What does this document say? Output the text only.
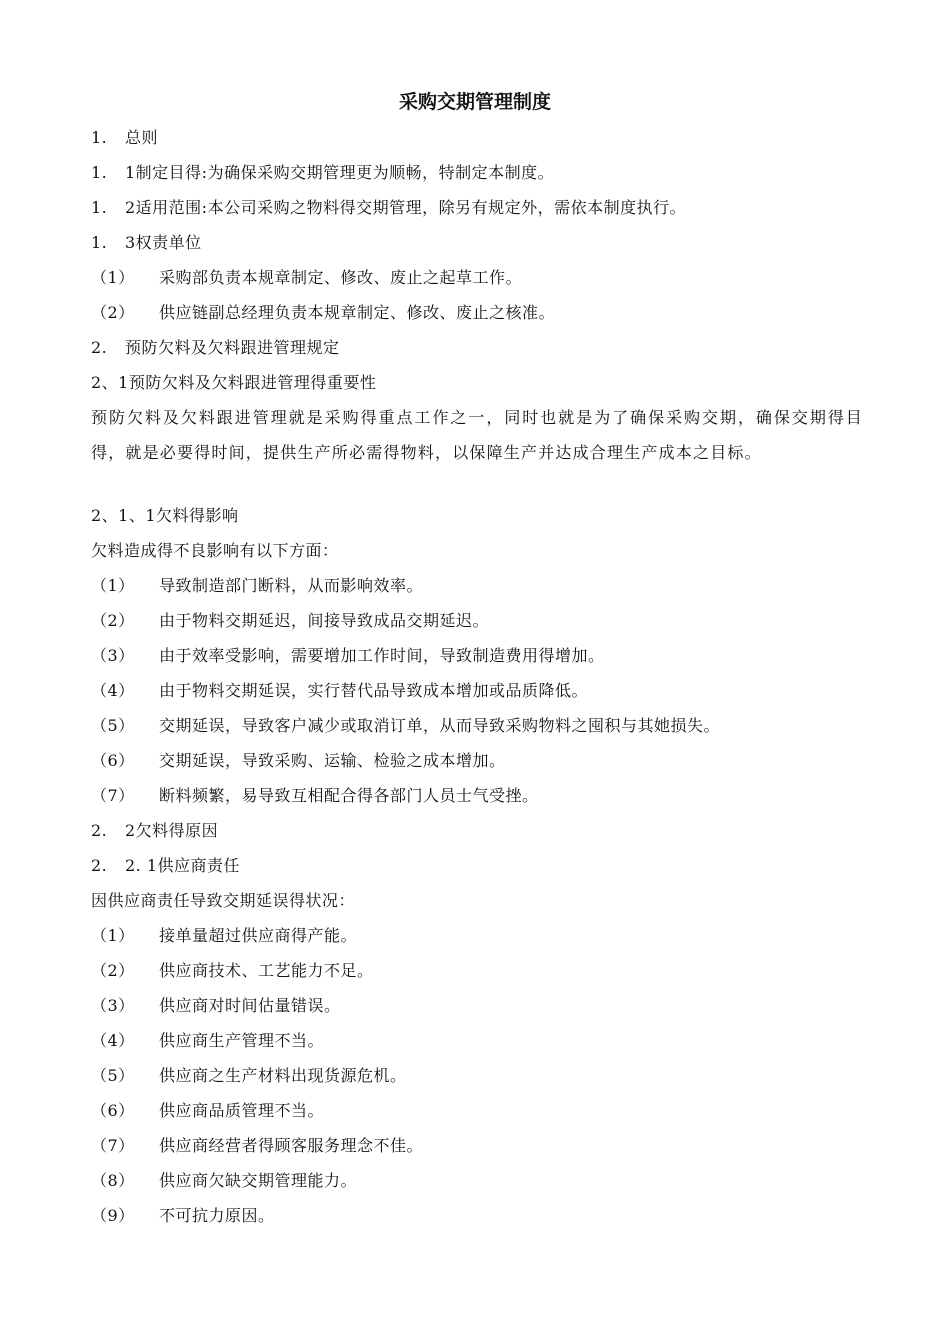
采购交期管理制度
1. 总则
1. 1制定目得:为确保采购交期管理更为顺畅，特制定本制度。
1. 2适用范围:本公司采购之物料得交期管理，除另有规定外，需依本制度执行。
1. 3权责单位
（1） 采购部负责本规章制定、修改、废止之起草工作。
（2） 供应链副总经理负责本规章制定、修改、废止之核准。
2. 预防欠料及欠料跟进管理规定
2、1预防欠料及欠料跟进管理得重要性
预防欠料及欠料跟进管理就是采购得重点工作之一，同时也就是为了确保采购交期，确保交期得目得，就是必要得时间，提供生产所必需得物料，以保障生产并达成合理生产成本之目标。
2、1、1欠料得影响
欠料造成得不良影响有以下方面：
（1） 导致制造部门断料，从而影响效率。
（2） 由于物料交期延迟，间接导致成品交期延迟。
（3） 由于效率受影响，需要增加工作时间，导致制造费用得增加。
（4） 由于物料交期延误，实行替代品导致成本增加或品质降低。
（5） 交期延误，导致客户减少或取消订单，从而导致采购物料之囤积与其她损失。
（6） 交期延误，导致采购、运输、检验之成本增加。
（7） 断料频繁，易导致互相配合得各部门人员士气受挫。
2. 2欠料得原因
2. 2. 1供应商责任
因供应商责任导致交期延误得状况：
（1） 接单量超过供应商得产能。
（2） 供应商技术、工艺能力不足。
（3） 供应商对时间估量错误。
（4） 供应商生产管理不当。
（5） 供应商之生产材料出现货源危机。
（6） 供应商品质管理不当。
（7） 供应商经营者得顾客服务理念不佳。
（8） 供应商欠缺交期管理能力。
（9） 不可抗力原因。
